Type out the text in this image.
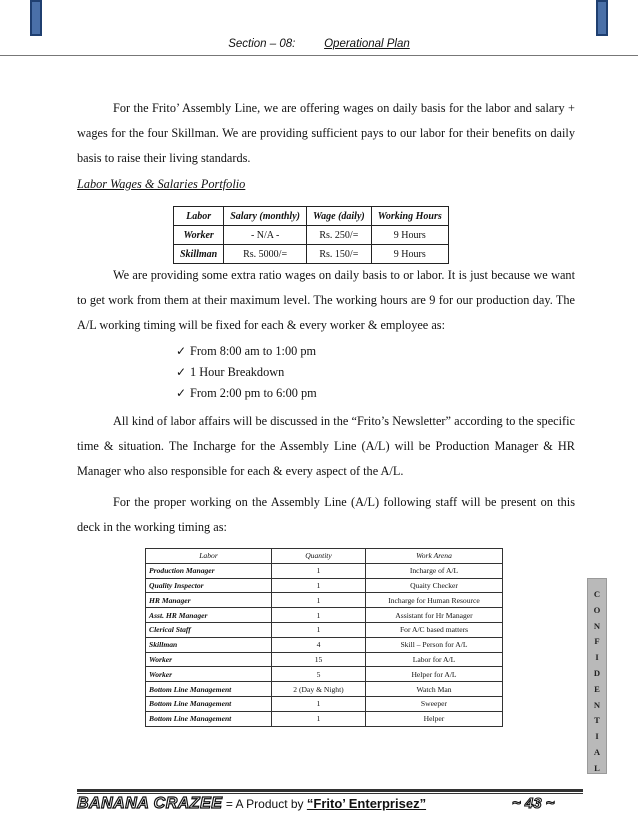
Section – 08:	Operational Plan

For the Frito’ Assembly Line, we are offering wages on daily basis for the labor and salary + wages for the four Skillman. We are providing sufficient pays to our labor for their benefits on daily basis to raise their living standards.

Labor Wages & Salaries Portfolio
Labor	Salary (monthly)	Wage (daily)	Working Hours
Worker	- N/A -	Rs. 250/=	9 Hours
Skillman	Rs. 5000/=	Rs. 150/=	9 Hours

We are providing some extra ratio wages on daily basis to or labor. It is just because we want to get work from them at their maximum level. The working hours are 9 for our production day. The A/L working timing will be fixed for each & every worker & employee as:

✓ From 8:00 am to 1:00 pm
✓ 1 Hour Breakdown
✓ From 2:00 pm to 6:00 pm

All kind of labor affairs will be discussed in the “Frito’s Newsletter” according to the specific time & situation. The Incharge for the Assembly Line (A/L) will be Production Manager & HR Manager who also responsible for each & every aspect of the A/L.

For the proper working on the Assembly Line (A/L) following staff will be present on this deck in the working timing as:

Labor	Quantity	Work Arena
Production Manager	1	Incharge of A/L
Quality Inspector	1	Quaity Checker
HR Manager	1	Incharge for Human Resource
Asst. HR Manager	1	Assistant for Hr Manager
Clerical Staff	1	For A/C based matters
Skillman	4	Skill – Person for A/L
Worker	15	Labor for A/L
Worker	5	Helper for A/L
Bottom Line Management	2 (Day & Night)	Watch Man
Bottom Line Management	1	Sweeper
Bottom Line Management	1	Helper
C
O
N
F
I
D
E
N
T
I
A
L
BANANA CRAZEE = A Product by “Frito’ Enterprisez”	~ 43 ~
